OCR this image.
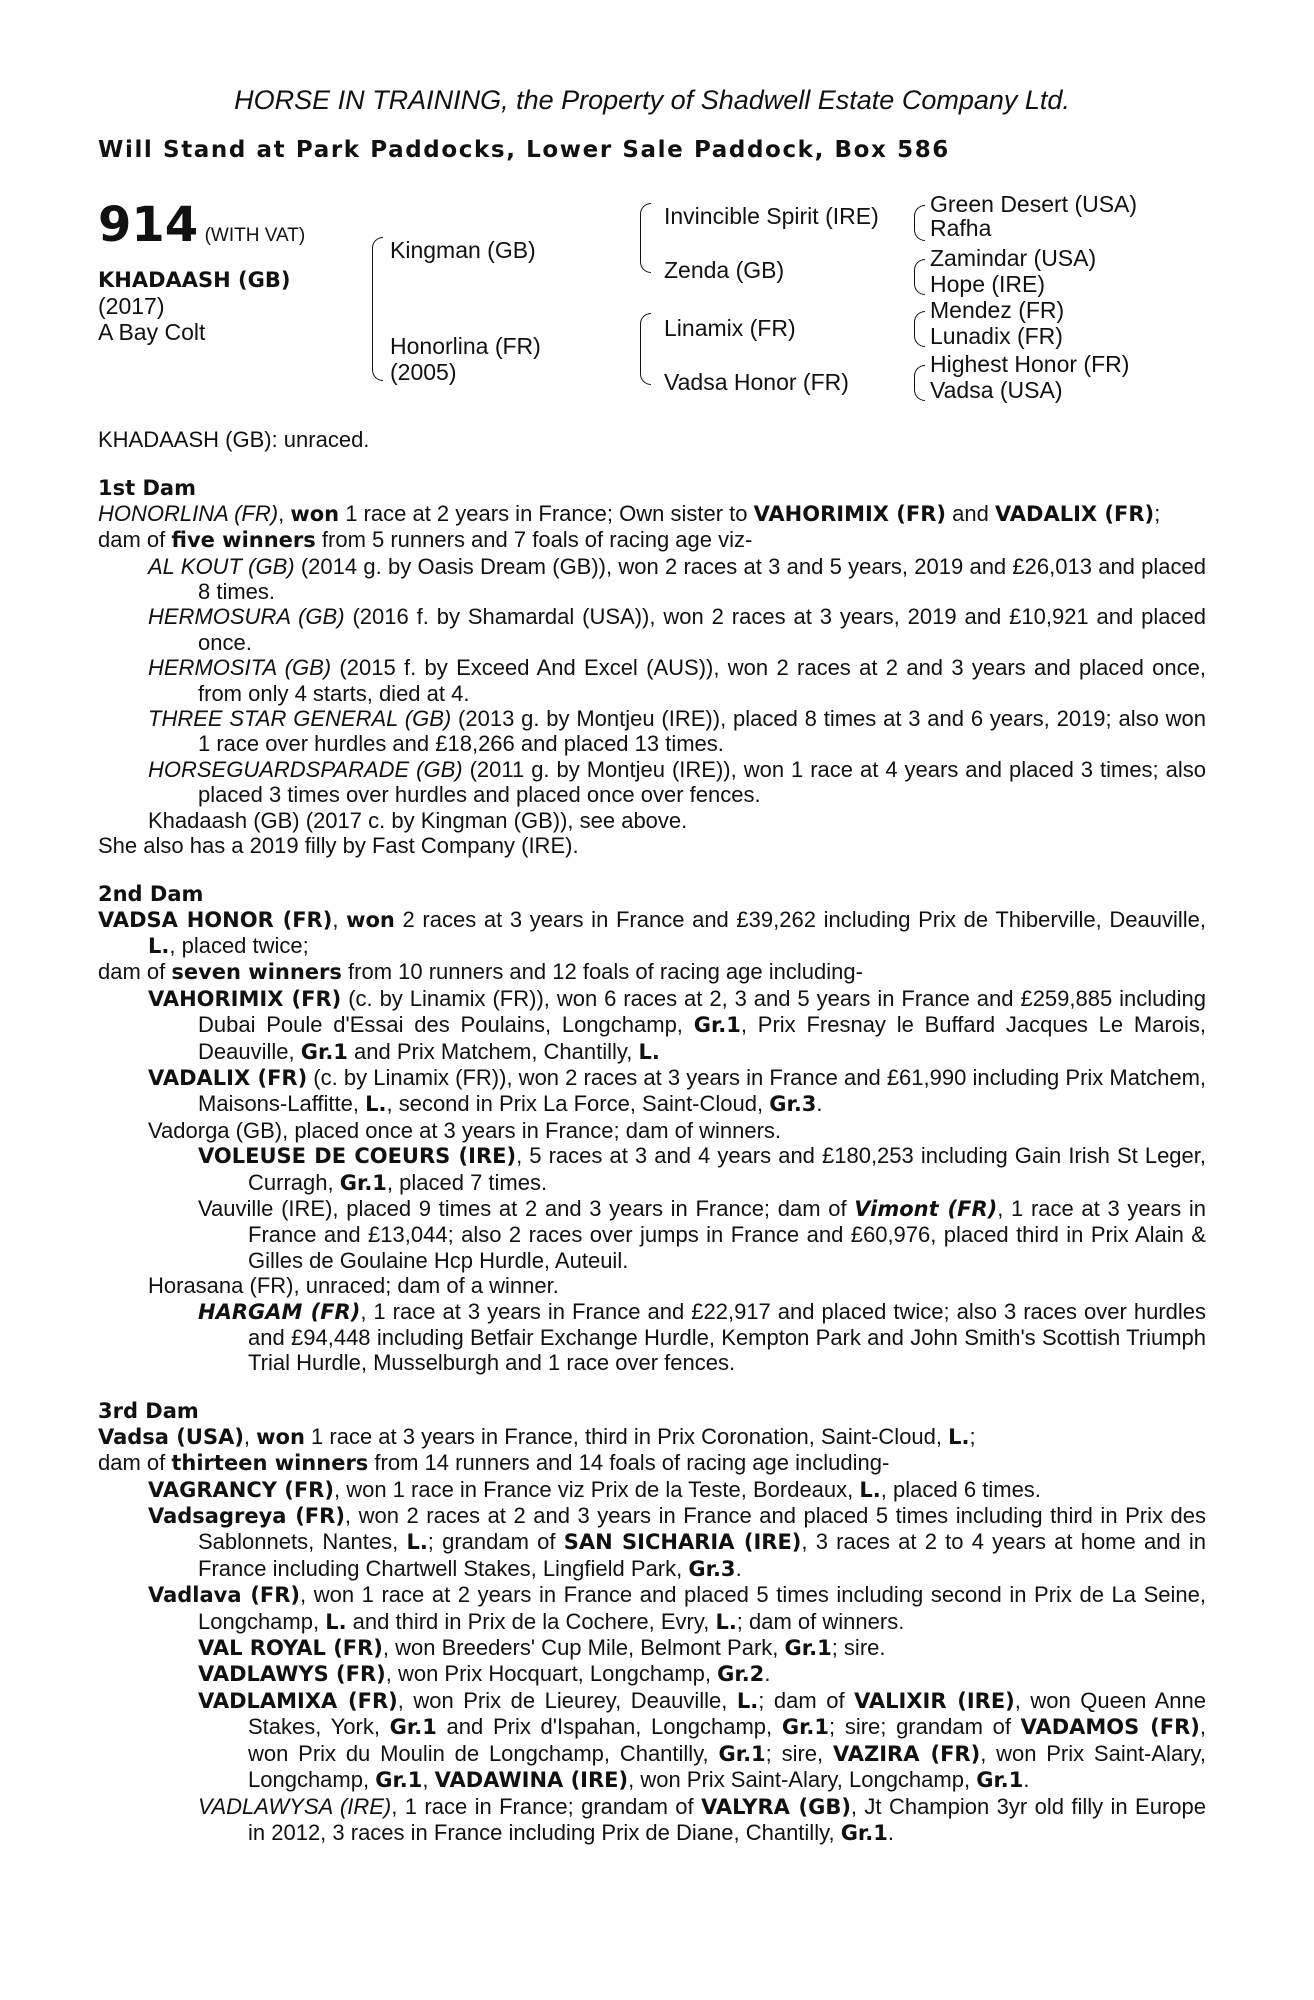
HORSE IN TRAINING, the Property of Shadwell Estate Company Ltd.

Will Stand at Park Paddocks, Lower Sale Paddock, Box 586

914 (WITH VAT)
KHADAASH (GB)
(2017)
A Bay Colt
Kingman (GB)
Honorlina (FR)
(2005)
Invincible Spirit (IRE)
Zenda (GB)
Linamix (FR)
Vadsa Honor (FR)
Green Desert (USA)
Rafha
Zamindar (USA)
Hope (IRE)
Mendez (FR)
Lunadix (FR)
Highest Honor (FR)
Vadsa (USA)

KHADAASH (GB): unraced.

1st Dam

HONORLINA (FR), won 1 race at 2 years in France; Own sister to VAHORIMIX (FR) and VADALIX (FR);

dam of five winners from 5 runners and 7 foals of racing age viz-

AL KOUT (GB) (2014 g. by Oasis Dream (GB)), won 2 races at 3 and 5 years, 2019 and £26,013 and placed 8 times.

HERMOSURA (GB) (2016 f. by Shamardal (USA)), won 2 races at 3 years, 2019 and £10,921 and placed once.

HERMOSITA (GB) (2015 f. by Exceed And Excel (AUS)), won 2 races at 2 and 3 years and placed once, from only 4 starts, died at 4.

THREE STAR GENERAL (GB) (2013 g. by Montjeu (IRE)), placed 8 times at 3 and 6 years, 2019; also won 1 race over hurdles and £18,266 and placed 13 times.

HORSEGUARDSPARADE (GB) (2011 g. by Montjeu (IRE)), won 1 race at 4 years and placed 3 times; also placed 3 times over hurdles and placed once over fences.

Khadaash (GB) (2017 c. by Kingman (GB)), see above.

She also has a 2019 filly by Fast Company (IRE).

2nd Dam

VADSA HONOR (FR), won 2 races at 3 years in France and £39,262 including Prix de Thiberville, Deauville, L., placed twice;

dam of seven winners from 10 runners and 12 foals of racing age including-

VAHORIMIX (FR) (c. by Linamix (FR)), won 6 races at 2, 3 and 5 years in France and £259,885 including Dubai Poule d'Essai des Poulains, Longchamp, Gr.1, Prix Fresnay le Buffard Jacques Le Marois, Deauville, Gr.1 and Prix Matchem, Chantilly, L.

VADALIX (FR) (c. by Linamix (FR)), won 2 races at 3 years in France and £61,990 including Prix Matchem, Maisons-Laffitte, L., second in Prix La Force, Saint-Cloud, Gr.3.

Vadorga (GB), placed once at 3 years in France; dam of winners.

VOLEUSE DE COEURS (IRE), 5 races at 3 and 4 years and £180,253 including Gain Irish St Leger, Curragh, Gr.1, placed 7 times.

Vauville (IRE), placed 9 times at 2 and 3 years in France; dam of Vimont (FR), 1 race at 3 years in France and £13,044; also 2 races over jumps in France and £60,976, placed third in Prix Alain & Gilles de Goulaine Hcp Hurdle, Auteuil.

Horasana (FR), unraced; dam of a winner.

HARGAM (FR), 1 race at 3 years in France and £22,917 and placed twice; also 3 races over hurdles and £94,448 including Betfair Exchange Hurdle, Kempton Park and John Smith's Scottish Triumph Trial Hurdle, Musselburgh and 1 race over fences.

3rd Dam

Vadsa (USA), won 1 race at 3 years in France, third in Prix Coronation, Saint-Cloud, L.;

dam of thirteen winners from 14 runners and 14 foals of racing age including-

VAGRANCY (FR), won 1 race in France viz Prix de la Teste, Bordeaux, L., placed 6 times.

Vadsagreya (FR), won 2 races at 2 and 3 years in France and placed 5 times including third in Prix des Sablonnets, Nantes, L.; grandam of SAN SICHARIA (IRE), 3 races at 2 to 4 years at home and in France including Chartwell Stakes, Lingfield Park, Gr.3.

Vadlava (FR), won 1 race at 2 years in France and placed 5 times including second in Prix de La Seine, Longchamp, L. and third in Prix de la Cochere, Evry, L.; dam of winners.

VAL ROYAL (FR), won Breeders' Cup Mile, Belmont Park, Gr.1; sire.

VADLAWYS (FR), won Prix Hocquart, Longchamp, Gr.2.

VADLAMIXA (FR), won Prix de Lieurey, Deauville, L.; dam of VALIXIR (IRE), won Queen Anne Stakes, York, Gr.1 and Prix d'Ispahan, Longchamp, Gr.1; sire; grandam of VADAMOS (FR), won Prix du Moulin de Longchamp, Chantilly, Gr.1; sire, VAZIRA (FR), won Prix Saint-Alary, Longchamp, Gr.1, VADAWINA (IRE), won Prix Saint-Alary, Longchamp, Gr.1.

VADLAWYSA (IRE), 1 race in France; grandam of VALYRA (GB), Jt Champion 3yr old filly in Europe in 2012, 3 races in France including Prix de Diane, Chantilly, Gr.1.
